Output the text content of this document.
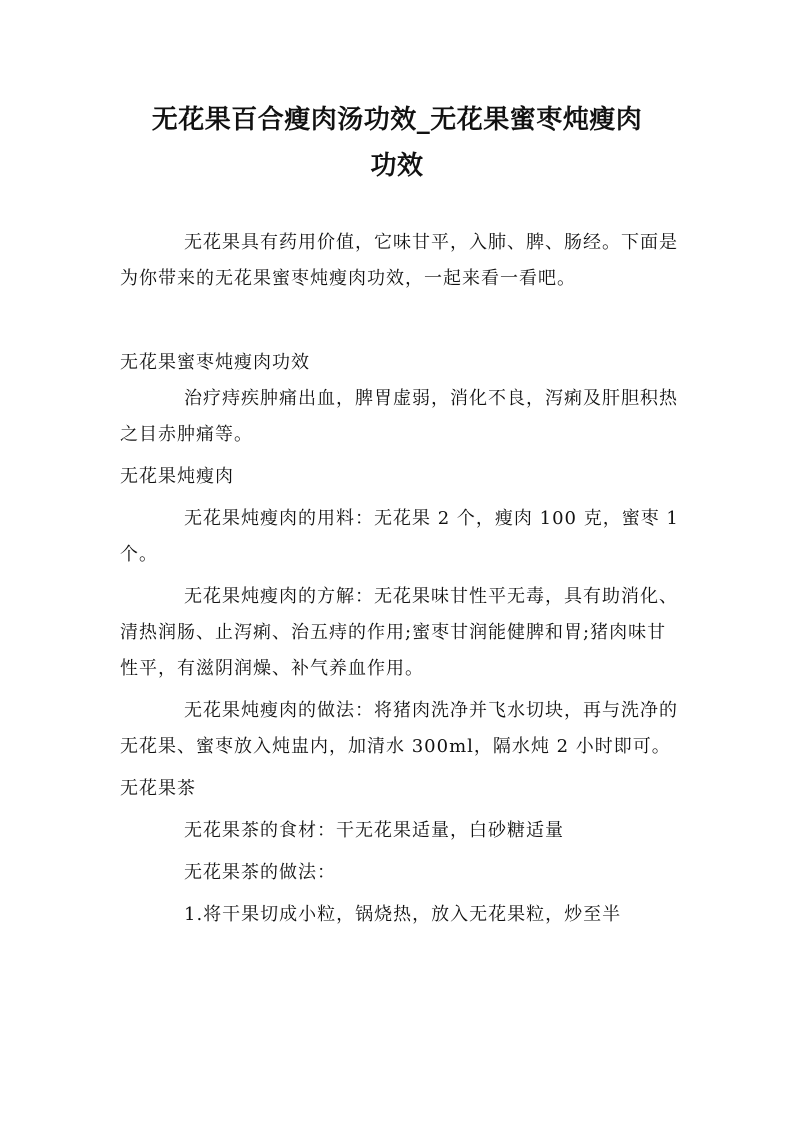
无花果百合瘦肉汤功效_无花果蜜枣炖瘦肉
功效

无花果具有药用价值，它味甘平，入肺、脾、肠经。下面是为你带来的无花果蜜枣炖瘦肉功效，一起来看一看吧。

无花果蜜枣炖瘦肉功效

治疗痔疾肿痛出血，脾胃虚弱，消化不良，泻痢及肝胆积热之目赤肿痛等。

无花果炖瘦肉

无花果炖瘦肉的用料：无花果 2 个，瘦肉 100 克，蜜枣 1 个。

无花果炖瘦肉的方解：无花果味甘性平无毒，具有助消化、清热润肠、止泻痢、治五痔的作用;蜜枣甘润能健脾和胃;猪肉味甘性平，有滋阴润燥、补气养血作用。

无花果炖瘦肉的做法：将猪肉洗净并飞水切块，再与洗净的无花果、蜜枣放入炖盅内，加清水 300ml，隔水炖 2 小时即可。

无花果茶

无花果茶的食材：干无花果适量，白砂糖适量

无花果茶的做法：

1.将干果切成小粒，锅烧热，放入无花果粒，炒至半
